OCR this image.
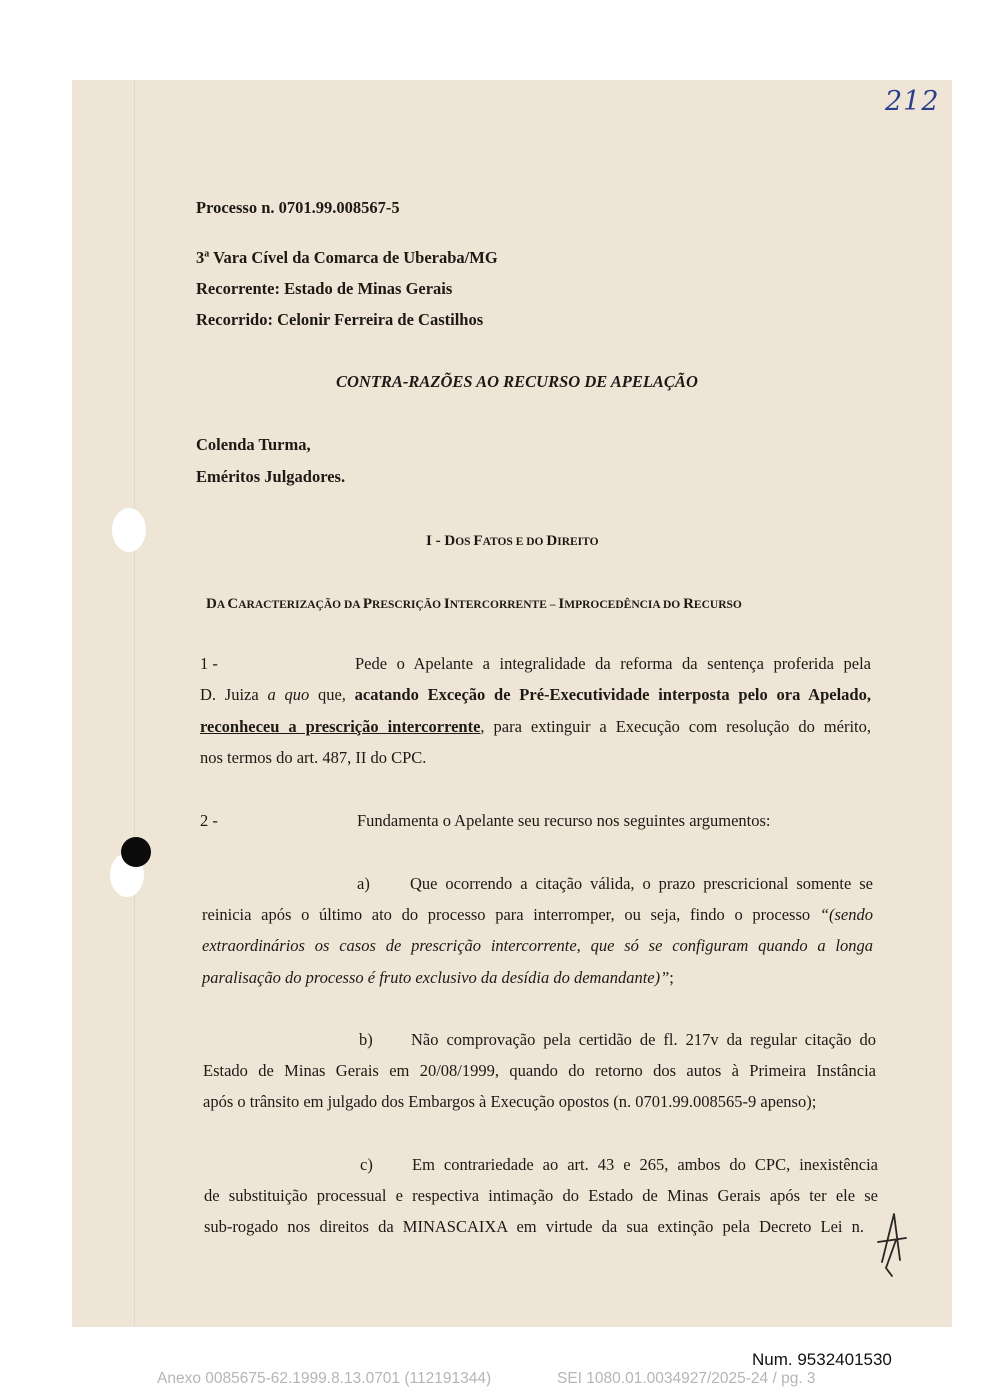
212
Processo n. 0701.99.008567-5
3$^a$ Vara Cível da Comarca de Uberaba/MG
Recorrente: Estado de Minas Gerais
Recorrido: Celonir Ferreira de Castilhos
CONTRA-RAZÕES AO RECURSO DE APELAÇÃO
Colenda Turma,
Eméritos Julgadores.
I - DOS FATOS E DO DIREITO
DA CARACTERIZAÇÃO DA PRESCRIÇÃO INTERCORRENTE – IMPROCEDÊNCIA DO RECURSO
1 -	Pede o Apelante a integralidade da reforma da sentença proferida pela
D. Juiza a quo que, acatando Exceção de Pré-Executividade interposta pelo ora Apelado,
reconheceu a prescrição intercorrente, para extinguir a Execução com resolução do mérito,
nos termos do art. 487, II do CPC.
2 -	Fundamenta o Apelante seu recurso nos seguintes argumentos:
a) Que ocorrendo a citação válida, o prazo prescricional somente se
reinicia após o último ato do processo para interromper, ou seja, findo o processo “(sendo
extraordinários os casos de prescrição intercorrente, que só se configuram quando a longa
paralisação do processo é fruto exclusivo da desídia do demandante)”;
b) Não comprovação pela certidão de fl. 217v da regular citação do
Estado de Minas Gerais em 20/08/1999, quando do retorno dos autos à Primeira Instância
após o trânsito em julgado dos Embargos à Execução opostos (n. 0701.99.008565-9 apenso);
c) Em contrariedade ao art. 43 e 265, ambos do CPC, inexistência
de substituição processual e respectiva intimação do Estado de Minas Gerais após ter ele se
sub-rogado nos direitos da MINASCAIXA em virtude da sua extinção pela Decreto Lei n.
Num. 9532401530
Anexo 0085675-62.1999.8.13.0701 (112191344)	SEI 1080.01.0034927/2025-24 / pg. 3
